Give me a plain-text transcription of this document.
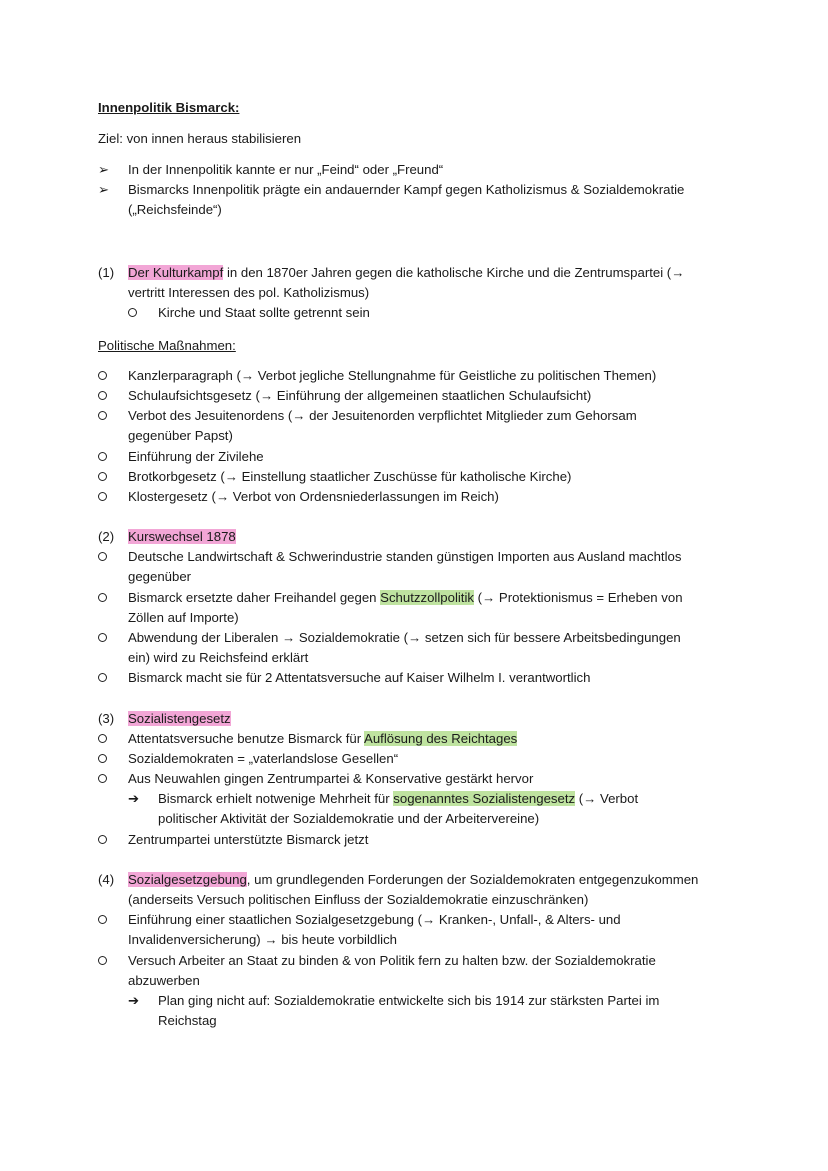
Innenpolitik Bismarck:
Ziel: von innen heraus stabilisieren
➢ In der Innenpolitik kannte er nur „Feind“ oder „Freund“
➢ Bismarcks Innenpolitik prägte ein andauernder Kampf gegen Katholizismus & Sozialdemokratie
(„Reichsfeinde“)
(1) Der Kulturkampf in den 1870er Jahren gegen die katholische Kirche und die Zentrumspartei (→
vertritt Interessen des pol. Katholizismus)
Kirche und Staat sollte getrennt sein
Politische Maßnahmen:
Kanzlerparagraph (→ Verbot jegliche Stellungnahme für Geistliche zu politischen Themen)
Schulaufsichtsgesetz (→ Einführung der allgemeinen staatlichen Schulaufsicht)
Verbot des Jesuitenordens (→ der Jesuitenorden verpflichtet Mitglieder zum Gehorsam
gegenüber Papst)
Einführung der Zivilehe
Brotkorbgesetz (→ Einstellung staatlicher Zuschüsse für katholische Kirche)
Klostergesetz (→ Verbot von Ordensniederlassungen im Reich)
(2) Kurswechsel 1878
Deutsche Landwirtschaft & Schwerindustrie standen günstigen Importen aus Ausland machtlos
gegenüber
Bismarck ersetzte daher Freihandel gegen Schutzzollpolitik (→ Protektionismus = Erheben von
Zöllen auf Importe)
Abwendung der Liberalen → Sozialdemokratie (→ setzen sich für bessere Arbeitsbedingungen
ein) wird zu Reichsfeind erklärt
Bismarck macht sie für 2 Attentatsversuche auf Kaiser Wilhelm I. verantwortlich
(3) Sozialistengesetz
Attentatsversuche benutze Bismarck für Auflösung des Reichtages
Sozialdemokraten = „vaterlandslose Gesellen“
Aus Neuwahlen gingen Zentrumpartei & Konservative gestärkt hervor
➔ Bismarck erhielt notwenige Mehrheit für sogenanntes Sozialistengesetz (→ Verbot
politischer Aktivität der Sozialdemokratie und der Arbeitervereine)
Zentrumpartei unterstützte Bismarck jetzt
(4) Sozialgesetzgebung, um grundlegenden Forderungen der Sozialdemokraten entgegenzukommen
(anderseits Versuch politischen Einfluss der Sozialdemokratie einzuschränken)
Einführung einer staatlichen Sozialgesetzgebung (→ Kranken-, Unfall-, & Alters- und
Invalidenversicherung) → bis heute vorbildlich
Versuch Arbeiter an Staat zu binden & von Politik fern zu halten bzw. der Sozialdemokratie
abzuwerben
➔ Plan ging nicht auf: Sozialdemokratie entwickelte sich bis 1914 zur stärksten Partei im
Reichstag
